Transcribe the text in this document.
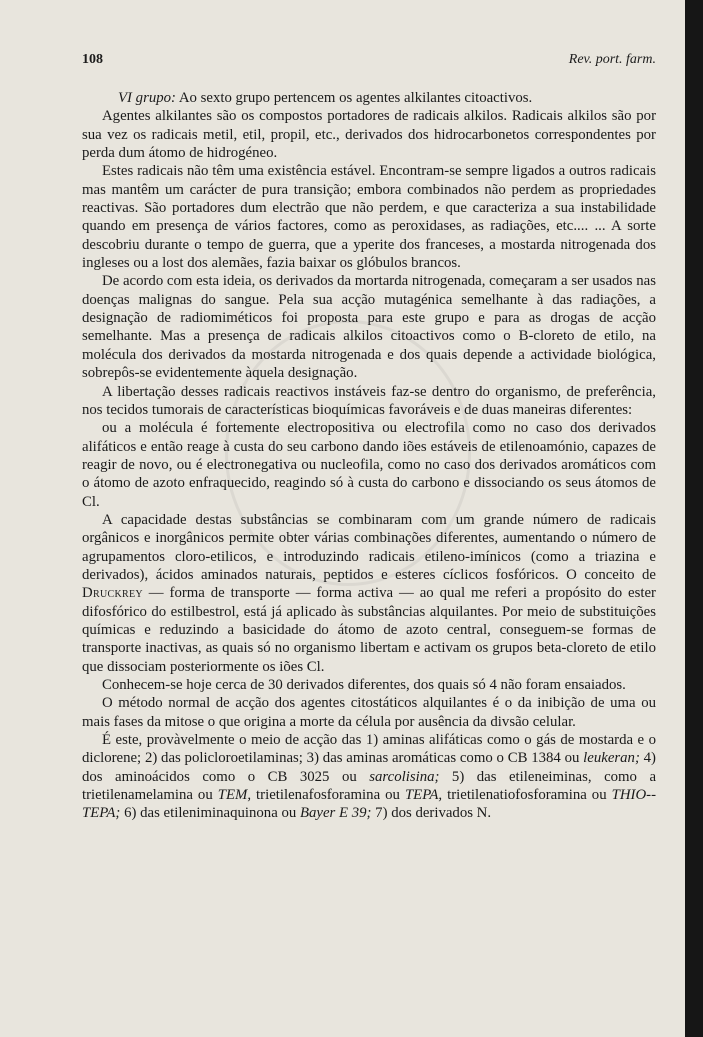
108	Rev. port. farm.

VI grupo: Ao sexto grupo pertencem os agentes alkilantes citoactivos.

Agentes alkilantes são os compostos portadores de radicais alkilos. Radicais alkilos são por sua vez os radicais metil, etil, propil, etc., derivados dos hidrocarbonetos correspondentes por perda dum átomo de hidrogéneo.

Estes radicais não têm uma existência estável. Encontram-se sempre ligados a outros radicais mas mantêm um carácter de pura transição; embora combinados não perdem as propriedades reactivas. São portadores dum electrão que não perdem, e que caracteriza a sua instabilidade quando em presença de vários factores, como as peroxidases, as radiações, etc.... ... A sorte descobriu durante o tempo de guerra, que a yperite dos franceses, a mostarda nitrogenada dos ingleses ou a lost dos alemães, fazia baixar os glóbulos brancos.

De acordo com esta ideia, os derivados da mortarda nitrogenada, começaram a ser usados nas doenças malignas do sangue. Pela sua acção mutagénica semelhante à das radiações, a designação de radiomiméticos foi proposta para este grupo e para as drogas de acção semelhante. Mas a presença de radicais alkilos citoactivos como o B-cloreto de etilo, na molécula dos derivados da mostarda nitrogenada e dos quais depende a actividade biológica, sobrepôs-se evidentemente àquela designação.

A libertação desses radicais reactivos instáveis faz-se dentro do organismo, de preferência, nos tecidos tumorais de características bioquímicas favoráveis e de duas maneiras diferentes:

ou a molécula é fortemente electropositiva ou electrofila como no caso dos derivados alifáticos e então reage à custa do seu carbono dando iões estáveis de etilenoamónio, capazes de reagir de novo, ou é electronegativa ou nucleofila, como no caso dos derivados aromáticos com o átomo de azoto enfraquecido, reagindo só à custa do carbono e dissociando os seus átomos de Cl.

A capacidade destas substâncias se combinaram com um grande número de radicais orgânicos e inorgânicos permite obter várias combinações diferentes, aumentando o número de agrupamentos cloro-etilicos, e introduzindo radicais etileno-imínicos (como a triazina e derivados), ácidos aminados naturais, peptidos e esteres cíclicos fosfóricos. O conceito de Druckrey — forma de transporte — forma activa — ao qual me referi a propósito do ester difosfórico do estilbestrol, está já aplicado às substâncias alquilantes. Por meio de substituições químicas e reduzindo a basicidade do átomo de azoto central, conseguem-se formas de transporte inactivas, as quais só no organismo libertam e activam os grupos beta-cloreto de etilo que dissociam posteriormente os iões Cl.

Conhecem-se hoje cerca de 30 derivados diferentes, dos quais só 4 não foram ensaiados.

O método normal de acção dos agentes citostáticos alquilantes é o da inibição de uma ou mais fases da mitose o que origina a morte da célula por ausência da divsão celular.

É este, provàvelmente o meio de acção das 1) aminas alifáticas como o gás de mostarda e o diclorene; 2) das policloroetilaminas; 3) das aminas aromáticas como o CB 1384 ou leukeran; 4) dos aminoácidos como o CB 3025 ou sarcolisina; 5) das etileneiminas, como a trietilenamelamina ou TEM, trietilenafosforamina ou TEPA, trietilenatiofosforamina ou THIO--TEPA; 6) das etileniminaquinona ou Bayer E 39; 7) dos derivados N.
